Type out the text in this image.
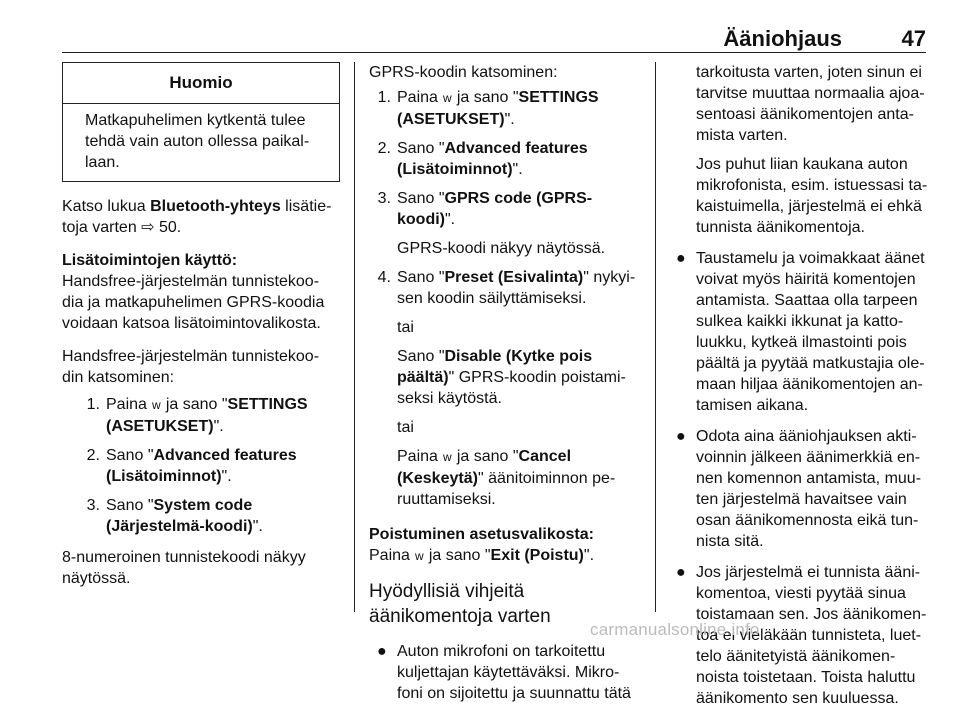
Ääniohjaus	47
Huomio
Matkapuhelimen kytkentä tulee tehdä vain auton ollessa paikal-laan.

Katso lukua Bluetooth-yhteys lisätie-toja varten ⇨ 50.

Lisätoimintojen käyttö:

Handsfree-järjestelmän tunnistekoo-dia ja matkapuhelimen GPRS-koodia voidaan katsoa lisätoimintovalikosta.

Handsfree-järjestelmän tunnistekoo-din katsominen:

1. Paina w ja sano "SETTINGS (ASETUKSET)".
2. Sano "Advanced features (Lisätoiminnot)".
3. Sano "System code (Järjestelmä-koodi)".

8-numeroinen tunnistekoodi näkyy näytössä.

GPRS-koodin katsominen:

1. Paina w ja sano "SETTINGS (ASETUKSET)".
2. Sano "Advanced features (Lisätoiminnot)".
3. Sano "GPRS code (GPRS-koodi)".
GPRS-koodi näkyy näytössä.
4. Sano "Preset (Esivalinta)" nykyi-sen koodin säilyttämiseksi.
tai
Sano "Disable (Kytke pois päältä)" GPRS-koodin poistami-seksi käytöstä.
tai
Paina w ja sano "Cancel (Keskeytä)" äänitoiminnon pe-ruuttamiseksi.

Poistuminen asetusvalikosta:

Paina w ja sano "Exit (Poistu)".

Hyödyllisiä vihjeitä äänikomentoja varten
● Auton mikrofoni on tarkoitettu kuljettajan käytettäväksi. Mikro-foni on sijoitettu ja suunnattu tätä
tarkoitusta varten, joten sinun ei tarvitse muuttaa normaalia ajoa-sentoasi äänikomentojen anta-mista varten.
Jos puhut liian kaukana auton mikrofonista, esim. istuessasi ta-kaistuimella, järjestelmä ei ehkä tunnista äänikomentoja.
● Taustamelu ja voimakkaat äänet voivat myös häiritä komentojen antamista. Saattaa olla tarpeen sulkea kaikki ikkunat ja katto-luukku, kytkeä ilmastointi pois päältä ja pyytää matkustajia ole-maan hiljaa äänikomentojen an-tamisen aikana.
● Odota aina ääniohjauksen akti-voinnin jälkeen äänimerkkiä en-nen komennon antamista, muu-ten järjestelmä havaitsee vain osan äänikomennosta eikä tun-nista sitä.
● Jos järjestelmä ei tunnista ääni-komentoa, viesti pyytää sinua toistamaan sen. Jos äänikomen-toa ei vieläkään tunnisteta, luet-telo äänitetyistä äänikomen-noista toistetaan. Toista haluttu äänikomento sen kuuluessa.
carmanualsonline.info
